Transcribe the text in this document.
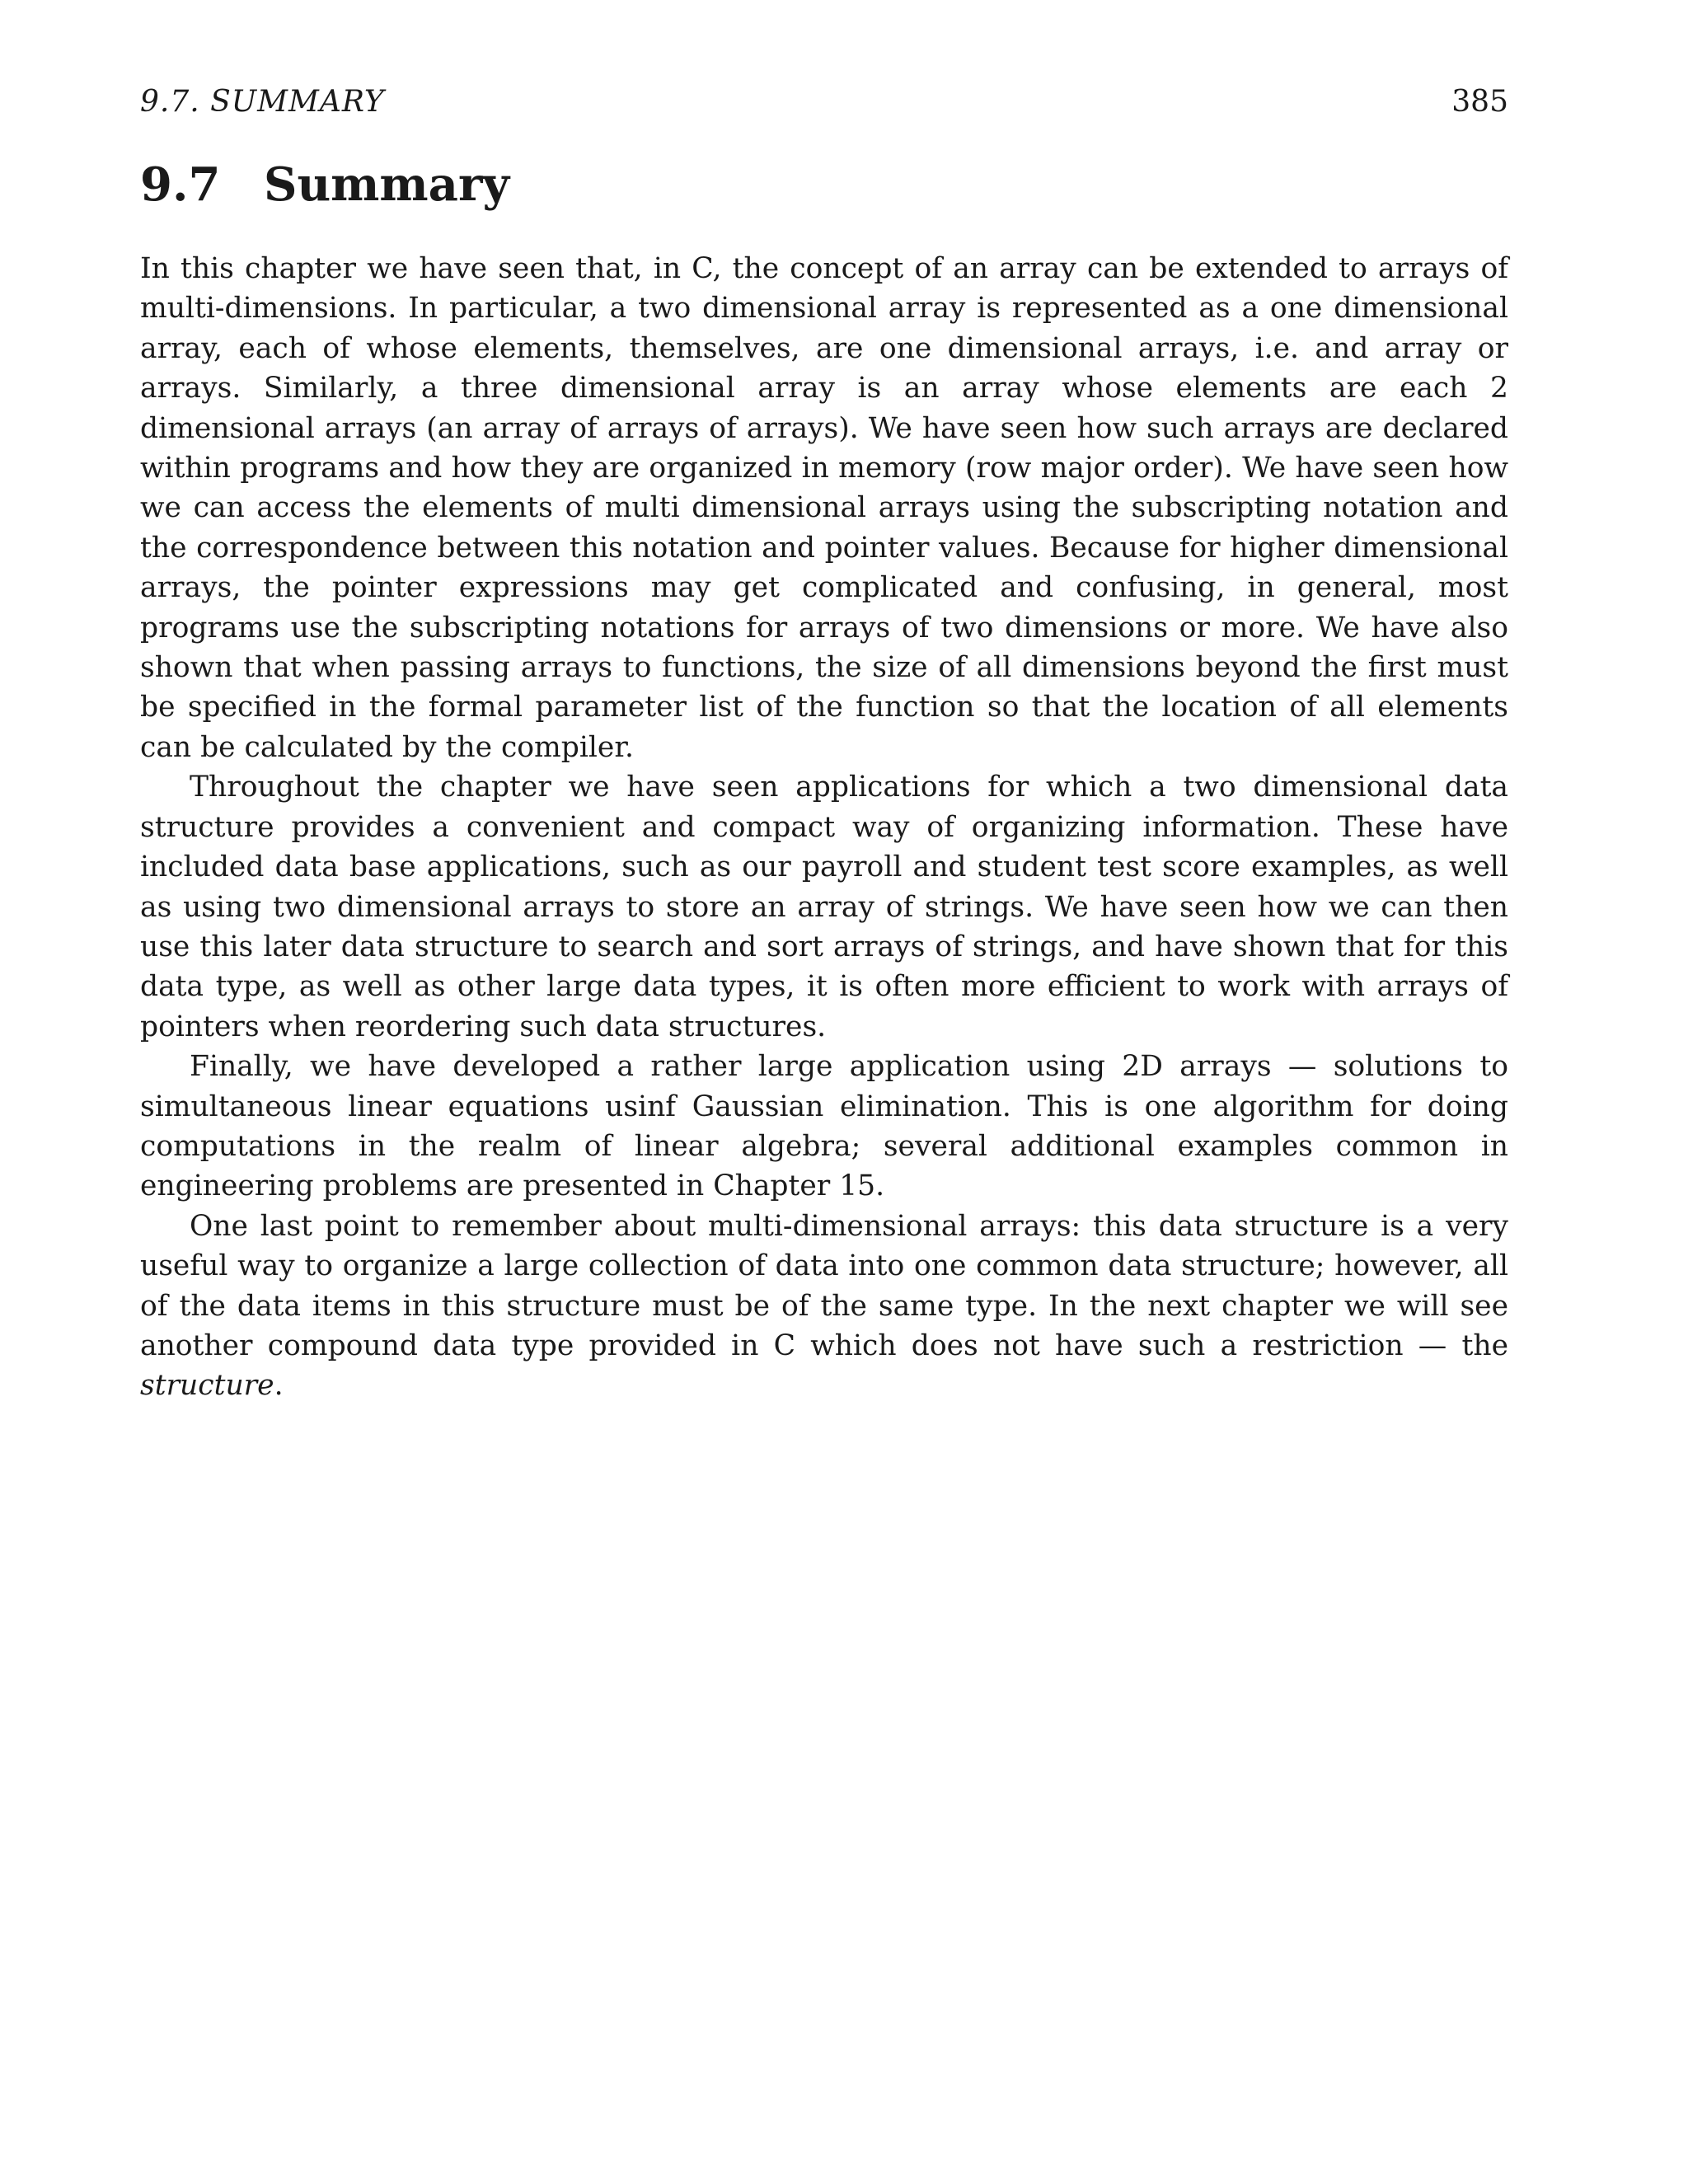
9.7. SUMMARY	385
9.7 Summary

In this chapter we have seen that, in C, the concept of an array can be extended to arrays of multi-dimensions. In particular, a two dimensional array is represented as a one dimensional array, each of whose elements, themselves, are one dimensional arrays, i.e. and array or arrays. Similarly, a three dimensional array is an array whose elements are each 2 dimensional arrays (an array of arrays of arrays). We have seen how such arrays are declared within programs and how they are organized in memory (row major order). We have seen how we can access the elements of multi dimensional arrays using the subscripting notation and the correspondence between this notation and pointer values. Because for higher dimensional arrays, the pointer expressions may get complicated and confusing, in general, most programs use the subscripting notations for arrays of two dimensions or more. We have also shown that when passing arrays to functions, the size of all dimensions beyond the first must be specified in the formal parameter list of the function so that the location of all elements can be calculated by the compiler.

Throughout the chapter we have seen applications for which a two dimensional data structure provides a convenient and compact way of organizing information. These have included data base applications, such as our payroll and student test score examples, as well as using two dimensional arrays to store an array of strings. We have seen how we can then use this later data structure to search and sort arrays of strings, and have shown that for this data type, as well as other large data types, it is often more efficient to work with arrays of pointers when reordering such data structures.

Finally, we have developed a rather large application using 2D arrays — solutions to simultaneous linear equations usinf Gaussian elimination. This is one algorithm for doing computations in the realm of linear algebra; several additional examples common in engineering problems are presented in Chapter 15.

One last point to remember about multi-dimensional arrays: this data structure is a very useful way to organize a large collection of data into one common data structure; however, all of the data items in this structure must be of the same type. In the next chapter we will see another compound data type provided in C which does not have such a restriction — the structure.
